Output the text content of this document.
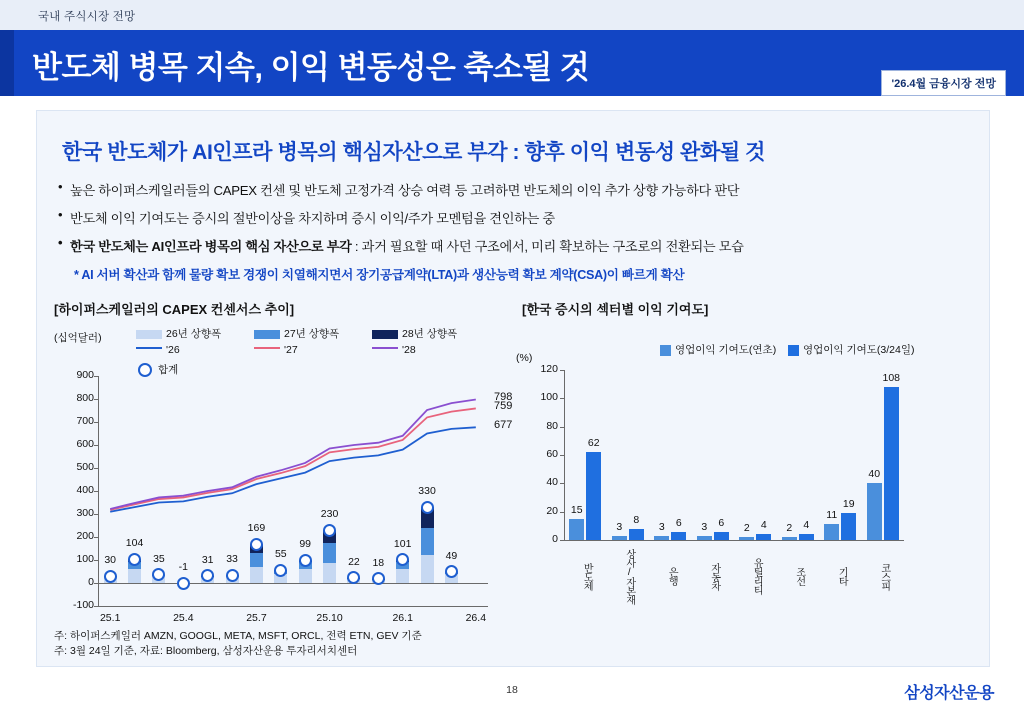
국내 주식시장 전망
반도체 병목 지속, 이익 변동성은 축소될 것	'26.4월 금융시장 전망
한국 반도체가 AI인프라 병목의 핵심자산으로 부각 : 향후 이익 변동성 완화될 것
• 높은 하이퍼스케일러들의 CAPEX 컨센 및 반도체 고정가격 상승 여력 등 고려하면 반도체의 이익 추가 상향 가능하다 판단
• 반도체 이익 기여도는 증시의 절반이상을 차지하며 증시 이익/주가 모멘텀을 견인하는 중
• 한국 반도체는 AI인프라 병목의 핵심 자산으로 부각 : 과거 필요할 때 사던 구조에서, 미리 확보하는 구조로의 전환되는 모습
* AI 서버 확산과 함께 물량 확보 경쟁이 치열해지면서 장기공급계약(LTA)과 생산능력 확보 계약(CSA)이 빠르게 확산
[하이퍼스케일러의 CAPEX 컨센서스 추이]	[한국 증시의 섹터별 이익 기여도]
(십억달러)	26년 상향폭	27년 상향폭	28년 상향폭
'26	'27	'28
합계
-100
0
100
200
300
400
500
600
700
800
900
30
104
35
-1
31	33
169
55
99
230
22	18
101
330
49
798
759
677
25.1	25.4	25.7	25.10	26.1	26.4
(%)
영업이익 기여도(연초)	영업이익 기여도(3/24일)
0
20
40
60
80
100
120
15
62
반도체
3
8
상사/자본재
3	6
은행
3	6
자동차
2	4
유틸리티
2	4
조선
11
19
기타
40
108
코스피
주: 하이퍼스케일러 AMZN, GOOGL, META, MSFT, ORCL, 전력 ETN, GEV 기준
주: 3월 24일 기준, 자료: Bloomberg, 삼성자산운용 투자리서치센터
18	삼성자산운용
